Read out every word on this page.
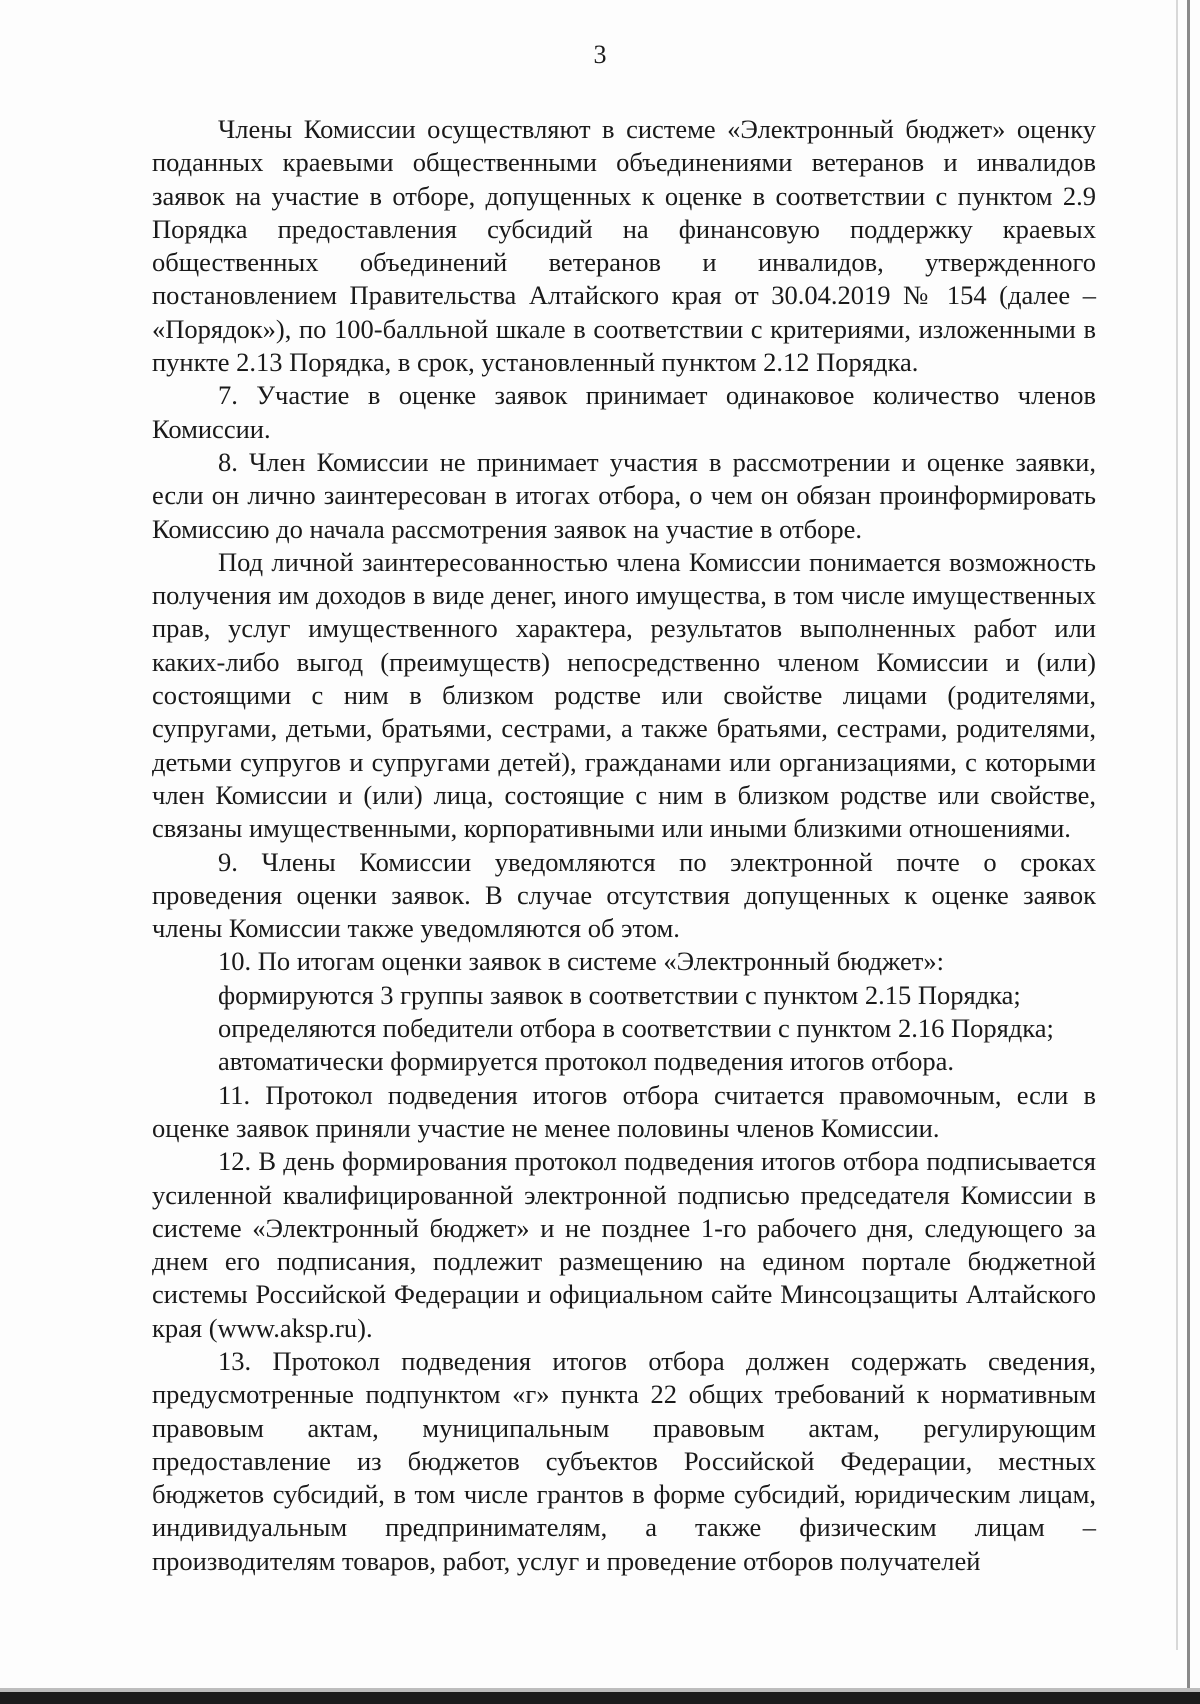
3

Члены Комиссии осуществляют в системе «Электронный бюджет» оценку поданных краевыми общественными объединениями ветеранов и инвалидов заявок на участие в отборе, допущенных к оценке в соответствии с пунктом 2.9 Порядка предоставления субсидий на финансовую поддержку краевых общественных объединений ветеранов и инвалидов, утвержденного постановлением Правительства Алтайского края от 30.04.2019 № 154 (далее – «Порядок»), по 100-балльной шкале в соответствии с критериями, изложенными в пункте 2.13 Порядка, в срок, установленный пунктом 2.12 Порядка.

7. Участие в оценке заявок принимает одинаковое количество членов Комиссии.

8. Член Комиссии не принимает участия в рассмотрении и оценке заявки, если он лично заинтересован в итогах отбора, о чем он обязан проинформировать Комиссию до начала рассмотрения заявок на участие в отборе.

Под личной заинтересованностью члена Комиссии понимается возможность получения им доходов в виде денег, иного имущества, в том числе имущественных прав, услуг имущественного характера, результатов выполненных работ или каких-либо выгод (преимуществ) непосредственно членом Комиссии и (или) состоящими с ним в близком родстве или свойстве лицами (родителями, супругами, детьми, братьями, сестрами, а также братьями, сестрами, родителями, детьми супругов и супругами детей), гражданами или организациями, с которыми член Комиссии и (или) лица, состоящие с ним в близком родстве или свойстве, связаны имущественными, корпоративными или иными близкими отношениями.

9. Члены Комиссии уведомляются по электронной почте о сроках проведения оценки заявок. В случае отсутствия допущенных к оценке заявок члены Комиссии также уведомляются об этом.

10. По итогам оценки заявок в системе «Электронный бюджет»:

формируются 3 группы заявок в соответствии с пунктом 2.15 Порядка;

определяются победители отбора в соответствии с пунктом 2.16 Порядка;

автоматически формируется протокол подведения итогов отбора.

11. Протокол подведения итогов отбора считается правомочным, если в оценке заявок приняли участие не менее половины членов Комиссии.

12. В день формирования протокол подведения итогов отбора подписывается усиленной квалифицированной электронной подписью председателя Комиссии в системе «Электронный бюджет» и не позднее 1-го рабочего дня, следующего за днем его подписания, подлежит размещению на едином портале бюджетной системы Российской Федерации и официальном сайте Минсоцзащиты Алтайского края (www.aksp.ru).

13. Протокол подведения итогов отбора должен содержать сведения, предусмотренные подпунктом «г» пункта 22 общих требований к нормативным правовым актам, муниципальным правовым актам, регулирующим предоставление из бюджетов субъектов Российской Федерации, местных бюджетов субсидий, в том числе грантов в форме субсидий, юридическим лицам, индивидуальным предпринимателям, а также физическим лицам – производителям товаров, работ, услуг и проведение отборов получателей
